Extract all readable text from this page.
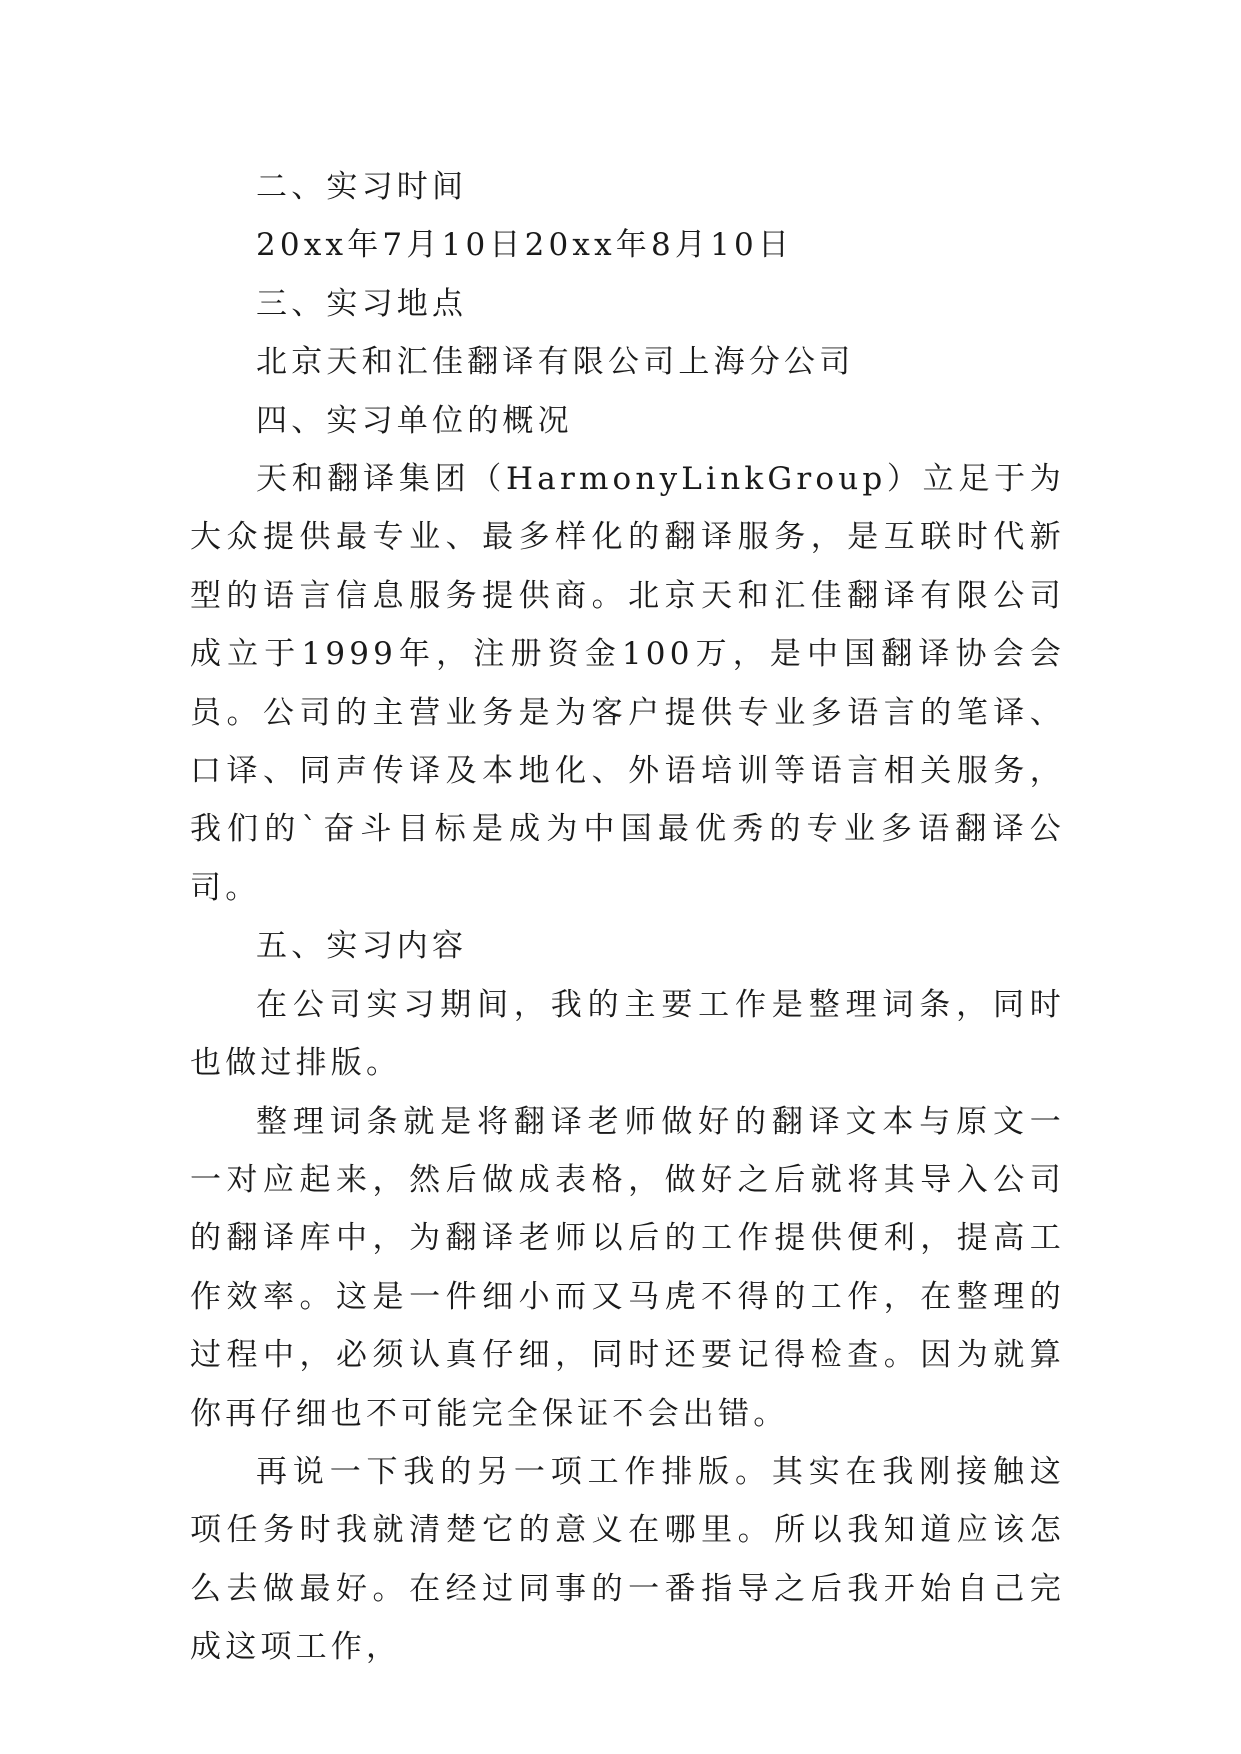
二、实习时间

20xx年7月10日20xx年8月10日

三、实习地点

北京天和汇佳翻译有限公司上海分公司

四、实习单位的概况

天和翻译集团（HarmonyLinkGroup）立足于为大众提供最专业、最多样化的翻译服务，是互联时代新型的语言信息服务提供商。北京天和汇佳翻译有限公司成立于1999年，注册资金100万，是中国翻译协会会员。公司的主营业务是为客户提供专业多语言的笔译、口译、同声传译及本地化、外语培训等语言相关服务，我们的`奋斗目标是成为中国最优秀的专业多语翻译公司。

五、实习内容

在公司实习期间，我的主要工作是整理词条，同时也做过排版。

整理词条就是将翻译老师做好的翻译文本与原文一一对应起来，然后做成表格，做好之后就将其导入公司的翻译库中，为翻译老师以后的工作提供便利，提高工作效率。这是一件细小而又马虎不得的工作，在整理的过程中，必须认真仔细，同时还要记得检查。因为就算你再仔细也不可能完全保证不会出错。

再说一下我的另一项工作排版。其实在我刚接触这项任务时我就清楚它的意义在哪里。所以我知道应该怎么去做最好。在经过同事的一番指导之后我开始自己完成这项工作，
